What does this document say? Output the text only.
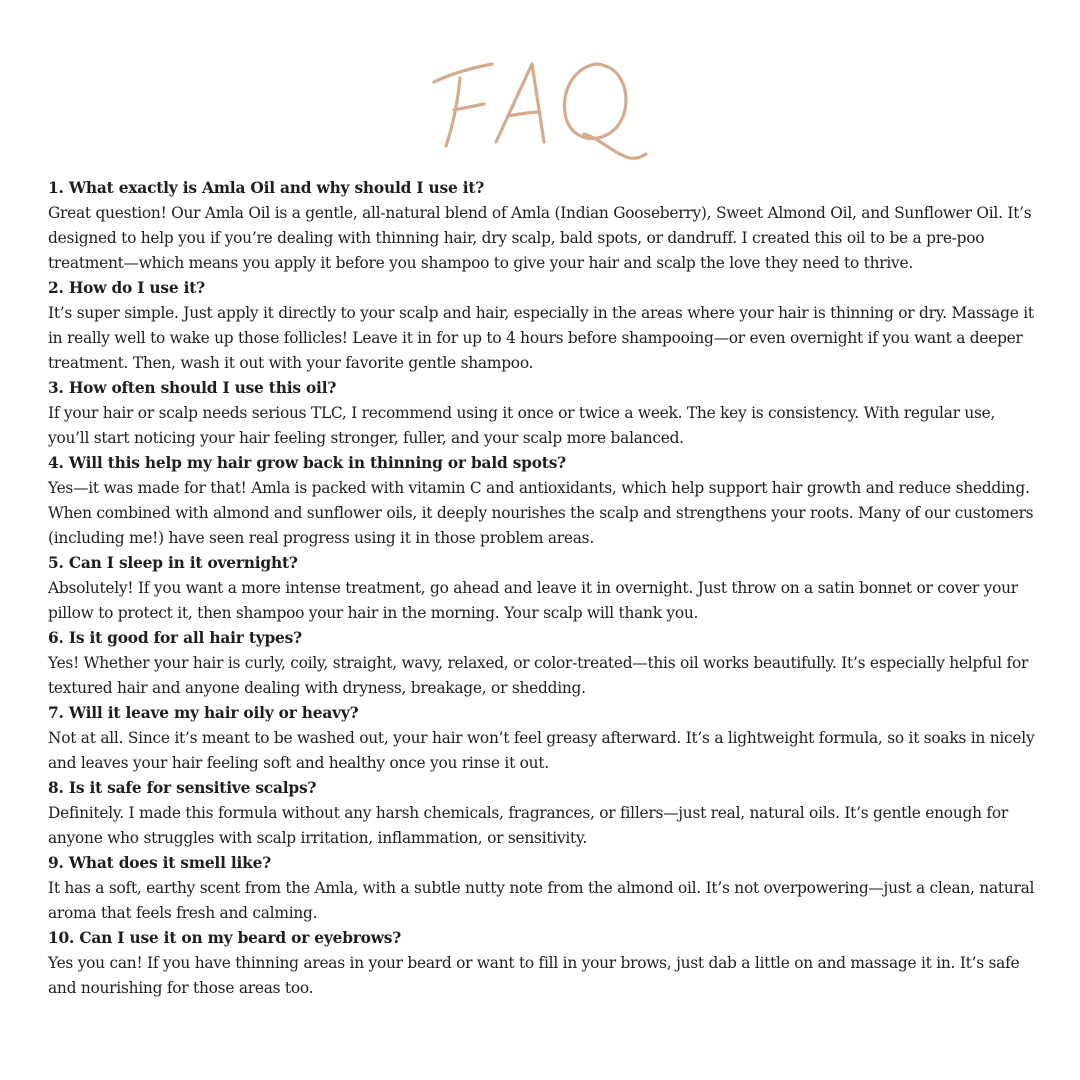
1. What exactly is Amla Oil and why should I use it?

Great question! Our Amla Oil is a gentle, all-natural blend of Amla (Indian Gooseberry), Sweet Almond Oil, and Sunflower Oil. It’s designed to help you if you’re dealing with thinning hair, dry scalp, bald spots, or dandruff. I created this oil to be a pre-poo treatment—which means you apply it before you shampoo to give your hair and scalp the love they need to thrive.

2. How do I use it?

It’s super simple. Just apply it directly to your scalp and hair, especially in the areas where your hair is thinning or dry. Massage it in really well to wake up those follicles! Leave it in for up to 4 hours before shampooing—or even overnight if you want a deeper treatment. Then, wash it out with your favorite gentle shampoo.

3. How often should I use this oil?

If your hair or scalp needs serious TLC, I recommend using it once or twice a week. The key is consistency. With regular use, you’ll start noticing your hair feeling stronger, fuller, and your scalp more balanced.

4. Will this help my hair grow back in thinning or bald spots?

Yes—it was made for that! Amla is packed with vitamin C and antioxidants, which help support hair growth and reduce shedding. When combined with almond and sunflower oils, it deeply nourishes the scalp and strengthens your roots. Many of our customers (including me!) have seen real progress using it in those problem areas.

5. Can I sleep in it overnight?

Absolutely! If you want a more intense treatment, go ahead and leave it in overnight. Just throw on a satin bonnet or cover your pillow to protect it, then shampoo your hair in the morning. Your scalp will thank you.

6. Is it good for all hair types?

Yes! Whether your hair is curly, coily, straight, wavy, relaxed, or color-treated—this oil works beautifully. It’s especially helpful for textured hair and anyone dealing with dryness, breakage, or shedding.

7. Will it leave my hair oily or heavy?

Not at all. Since it’s meant to be washed out, your hair won’t feel greasy afterward. It’s a lightweight formula, so it soaks in nicely and leaves your hair feeling soft and healthy once you rinse it out.

8. Is it safe for sensitive scalps?

Definitely. I made this formula without any harsh chemicals, fragrances, or fillers—just real, natural oils. It’s gentle enough for anyone who struggles with scalp irritation, inflammation, or sensitivity.

9. What does it smell like?

It has a soft, earthy scent from the Amla, with a subtle nutty note from the almond oil. It’s not overpowering—just a clean, natural aroma that feels fresh and calming.

10. Can I use it on my beard or eyebrows?

Yes you can! If you have thinning areas in your beard or want to fill in your brows, just dab a little on and massage it in. It’s safe and nourishing for those areas too.
